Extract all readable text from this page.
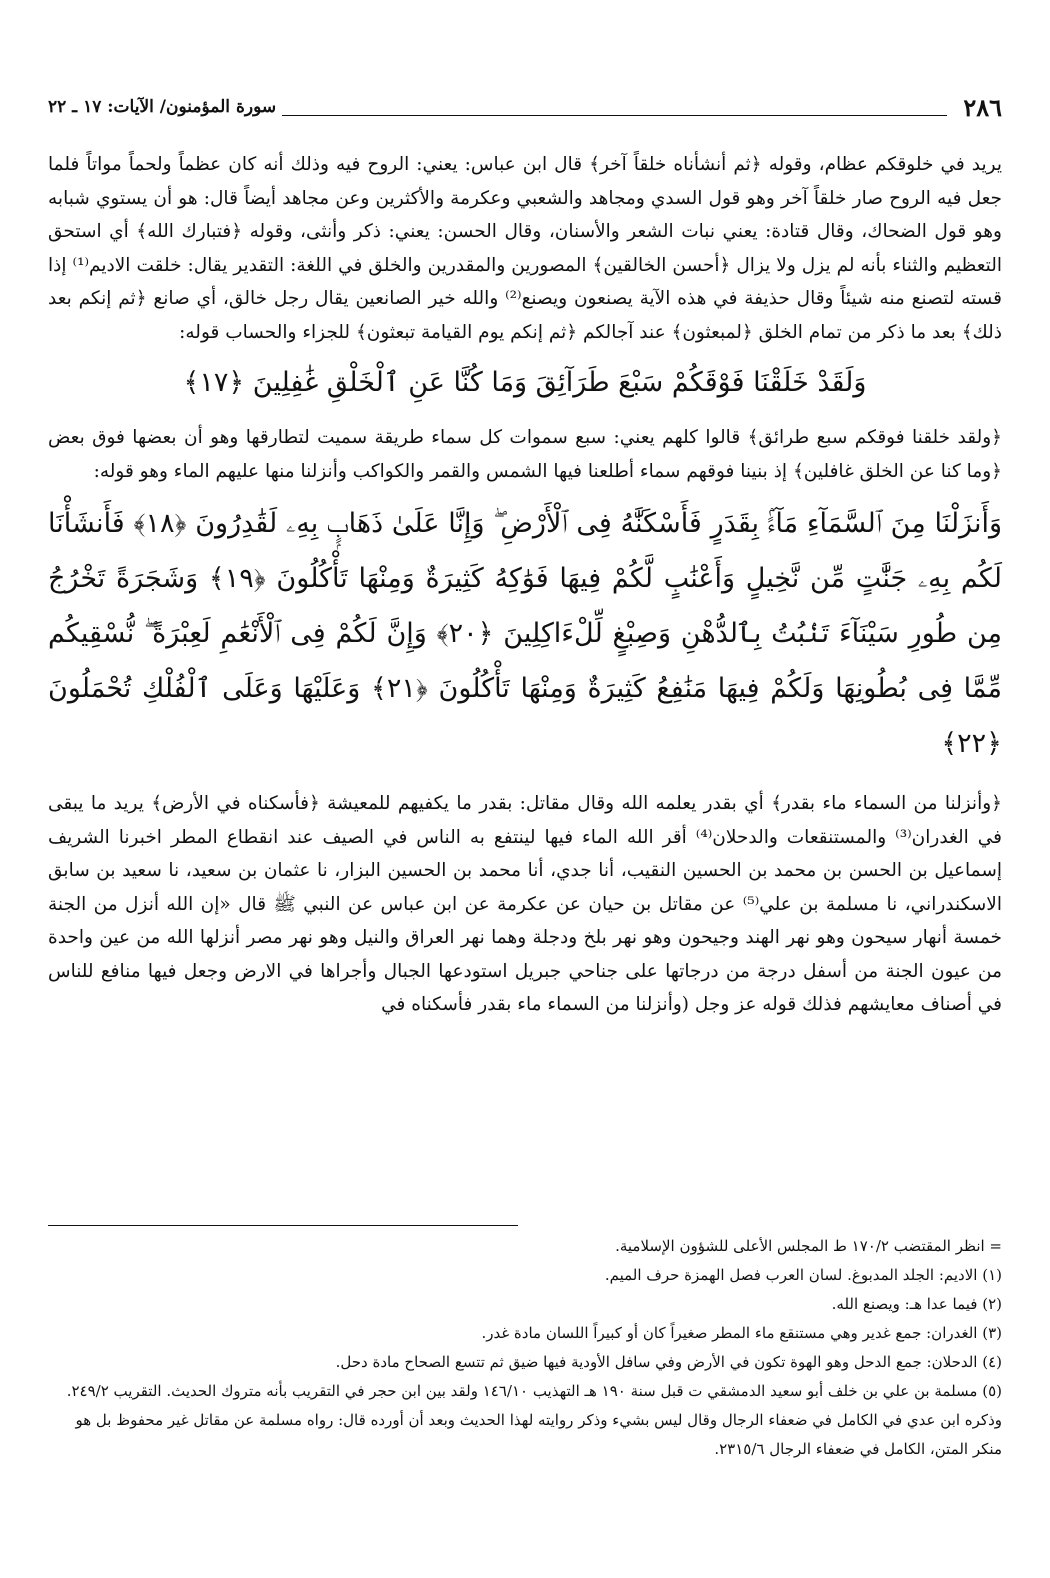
٢٨٦
سورة المؤمنون/ الآيات: ١٧ ـ ٢٢

يريد في خلوقكم عظام، وقوله ﴿ثم أنشأناه خلقاً آخر﴾ قال ابن عباس: يعني: الروح فيه وذلك أنه كان عظماً ولحماً مواتاً فلما جعل فيه الروح صار خلقاً آخر وهو قول السدي ومجاهد والشعبي وعكرمة والأكثرين وعن مجاهد أيضاً قال: هو أن يستوي شبابه وهو قول الضحاك، وقال قتادة: يعني نبات الشعر والأسنان، وقال الحسن: يعني: ذكر وأنثى، وقوله ﴿فتبارك الله﴾ أي استحق التعظيم والثناء بأنه لم يزل ولا يزال ﴿أحسن الخالقين﴾ المصورين والمقدرين والخلق في اللغة: التقدير يقال: خلقت الاديم⁽¹⁾ إذا قسته لتصنع منه شيئاً وقال حذيفة في هذه الآية يصنعون ويصنع⁽²⁾ والله خير الصانعين يقال رجل خالق، أي صانع ﴿ثم إنكم بعد ذلك﴾ بعد ما ذكر من تمام الخلق ﴿لمبعثون﴾ عند آجالكم ﴿ثم إنكم يوم القيامة تبعثون﴾ للجزاء والحساب قوله:

وَلَقَدْ خَلَقْنَا فَوْقَكُمْ سَبْعَ طَرَآئِقَ وَمَا كُنَّا عَنِ ٱلْخَلْقِ غَٰفِلِينَ ﴿١٧﴾

﴿ولقد خلقنا فوقكم سبع طرائق﴾ قالوا كلهم يعني: سبع سموات كل سماء طريقة سميت لتطارقها وهو أن بعضها فوق بعض ﴿وما كنا عن الخلق غافلين﴾ إذ بنينا فوقهم سماء أطلعنا فيها الشمس والقمر والكواكب وأنزلنا منها عليهم الماء وهو قوله:

وَأَنزَلْنَا مِنَ ٱلسَّمَآءِ مَآءًۢ بِقَدَرٍ فَأَسْكَنَّٰهُ فِى ٱلْأَرْضِ ۖ وَإِنَّا عَلَىٰ ذَهَابٍۭ بِهِۦ لَقَٰدِرُونَ ﴿١٨﴾ فَأَنشَأْنَا لَكُم بِهِۦ جَنَّٰتٍ مِّن نَّخِيلٍ وَأَعْنَٰبٍ لَّكُمْ فِيهَا فَوَٰكِهُ كَثِيرَةٌ وَمِنْهَا تَأْكُلُونَ ﴿١٩﴾ وَشَجَرَةً تَخْرُجُ مِن طُورِ سَيْنَآءَ تَنۢبُتُ بِٱلدُّهْنِ وَصِبْغٍ لِّلْءَاكِلِينَ ﴿٢٠﴾ وَإِنَّ لَكُمْ فِى ٱلْأَنْعَٰمِ لَعِبْرَةً ۖ نُّسْقِيكُم مِّمَّا فِى بُطُونِهَا وَلَكُمْ فِيهَا مَنَٰفِعُ كَثِيرَةٌ وَمِنْهَا تَأْكُلُونَ ﴿٢١﴾ وَعَلَيْهَا وَعَلَى ٱلْفُلْكِ تُحْمَلُونَ ﴿٢٢﴾

﴿وأنزلنا من السماء ماء بقدر﴾ أي بقدر يعلمه الله وقال مقاتل: بقدر ما يكفيهم للمعيشة ﴿فأسكناه في الأرض﴾ يريد ما يبقى في الغدران⁽³⁾ والمستنقعات والدحلان⁽⁴⁾ أقر الله الماء فيها لينتفع به الناس في الصيف عند انقطاع المطر اخبرنا الشريف إسماعيل بن الحسن بن محمد بن الحسين النقيب، أنا جدي، أنا محمد بن الحسين البزار، نا عثمان بن سعيد، نا سعيد بن سابق الاسكندراني، نا مسلمة بن علي⁽⁵⁾ عن مقاتل بن حيان عن عكرمة عن ابن عباس عن النبي ﷺ قال «إن الله أنزل من الجنة خمسة أنهار سيحون وهو نهر الهند وجيحون وهو نهر بلخ ودجلة وهما نهر العراق والنيل وهو نهر مصر أنزلها الله من عين واحدة من عيون الجنة من أسفل درجة من درجاتها على جناحي جبريل استودعها الجبال وأجراها في الارض وجعل فيها منافع للناس في أصناف معايشهم فذلك قوله عز وجل (وأنزلنا من السماء ماء بقدر فأسكناه في

= انظر المقتضب ١٧٠/٢ ط المجلس الأعلى للشؤون الإسلامية.

(١) الاديم: الجلد المدبوغ. لسان العرب فصل الهمزة حرف الميم.

(٢) فيما عدا هـ: ويصنع الله.

(٣) الغدران: جمع غدير وهي مستنقع ماء المطر صغيراً كان أو كبيراً اللسان مادة غدر.

(٤) الدحلان: جمع الدحل وهو الهوة تكون في الأرض وفي سافل الأودية فيها ضيق ثم تتسع الصحاح مادة دحل.

(٥) مسلمة بن علي بن خلف أبو سعيد الدمشقي ت قبل سنة ١٩٠ هـ التهذيب ١٤٦/١٠ ولقد بين ابن حجر في التقريب بأنه متروك الحديث. التقريب ٢٤٩/٢. وذكره ابن عدي في الكامل في ضعفاء الرجال وقال ليس بشيء وذكر روايته لهذا الحديث وبعد أن أورده قال: رواه مسلمة عن مقاتل غير محفوظ بل هو منكر المتن، الكامل في ضعفاء الرجال ٢٣١٥/٦.
